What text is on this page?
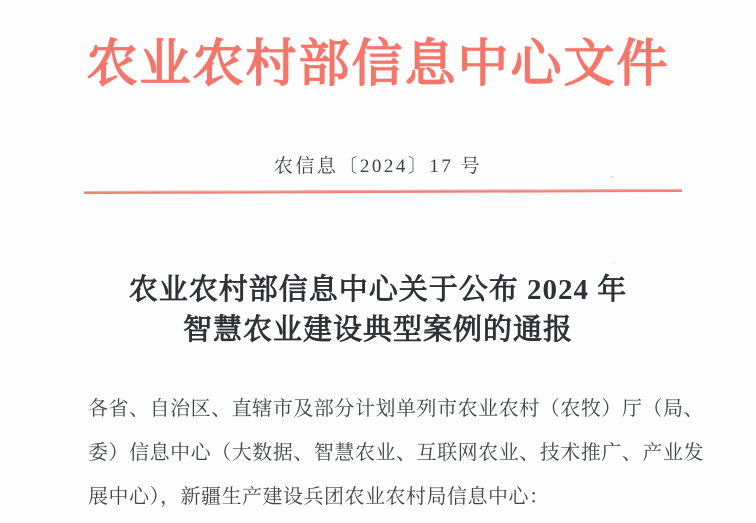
农业农村部信息中心文件
农信息〔2024〕17 号
农业农村部信息中心关于公布 2024 年
智慧农业建设典型案例的通报
各省、自治区、直辖市及部分计划单列市农业农村（农牧）厅（局、
委）信息中心（大数据、智慧农业、互联网农业、技术推广、产业发
展中心），新疆生产建设兵团农业农村局信息中心：
